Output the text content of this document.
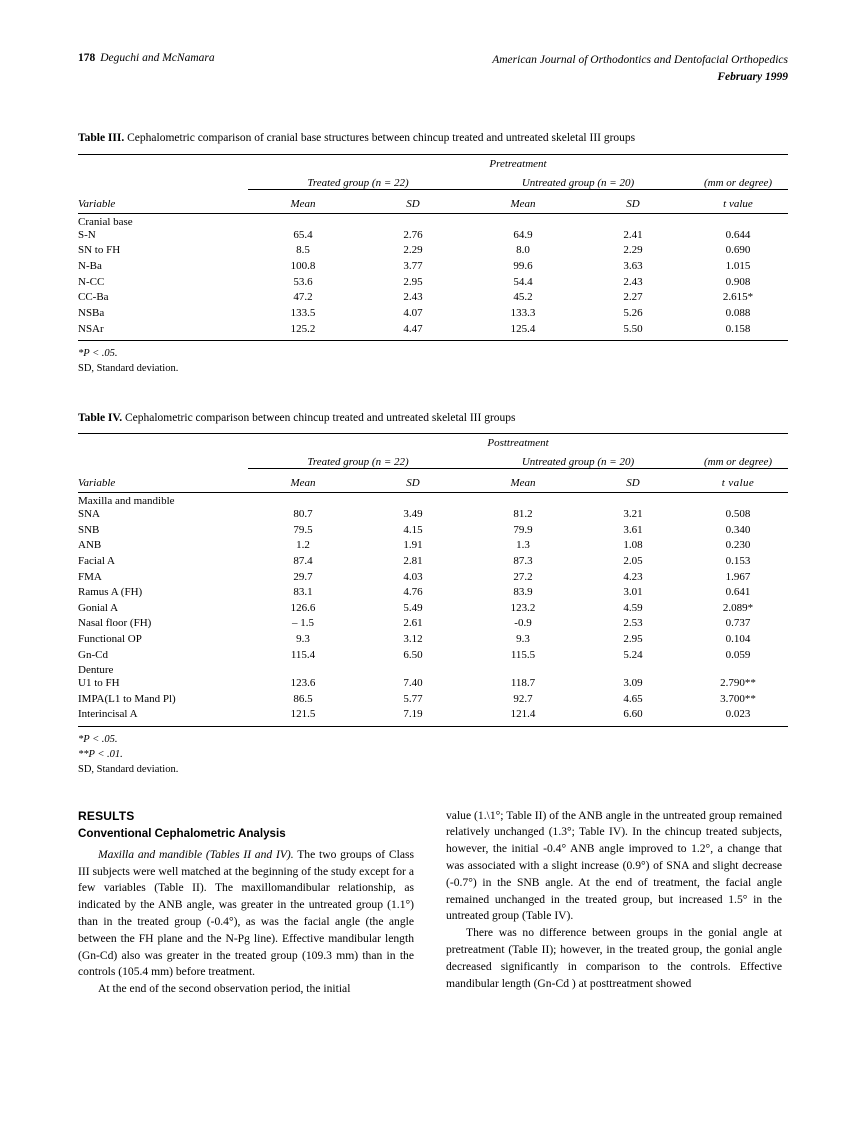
178 Deguchi and McNamara	American Journal of Orthodontics and Dentofacial Orthopedics
February 1999
Table III. Cephalometric comparison of cranial base structures between chincup treated and untreated skeletal III groups
	Pretreatment				
	Treated group (n = 22)		Untreated group (n = 20)		(mm or degree)
Variable	Mean	SD	Mean	SD	t value
Cranial base					
S-N	65.4	2.76	64.9	2.41	0.644
SN to FH	8.5	2.29	8.0	2.29	0.690
N-Ba	100.8	3.77	99.6	3.63	1.015
N-CC	53.6	2.95	54.4	2.43	0.908
CC-Ba	47.2	2.43	45.2	2.27	2.615*
NSBa	133.5	4.07	133.3	5.26	0.088
NSAr	125.2	4.47	125.4	5.50	0.158
*P < .05.
SD, Standard deviation.
Table IV. Cephalometric comparison between chincup treated and untreated skeletal III groups
	Posttreatment				
	Treated group (n = 22)		Untreated group (n = 20)		(mm or degree)
Variable	Mean	SD	Mean	SD	t value
Maxilla and mandible					
SNA	80.7	3.49	81.2	3.21	0.508
SNB	79.5	4.15	79.9	3.61	0.340
ANB	1.2	1.91	1.3	1.08	0.230
Facial A	87.4	2.81	87.3	2.05	0.153
FMA	29.7	4.03	27.2	4.23	1.967
Ramus A (FH)	83.1	4.76	83.9	3.01	0.641
Gonial A	126.6	5.49	123.2	4.59	2.089*
Nasal floor (FH)	– 1.5	2.61	-0.9	2.53	0.737
Functional OP	9.3	3.12	9.3	2.95	0.104
Gn-Cd	115.4	6.50	115.5	5.24	0.059
Denture					
U1 to FH	123.6	7.40	118.7	3.09	2.790**
IMPA(L1 to Mand Pl)	86.5	5.77	92.7	4.65	3.700**
Interincisal A	121.5	7.19	121.4	6.60	0.023
*P < .05.
**P < .01.
SD, Standard deviation.
RESULTS
Conventional Cephalometric Analysis

Maxilla and mandible (Tables II and IV). The two groups of Class III subjects were well matched at the beginning of the study except for a few variables (Table II). The maxillomandibular relationship, as indicated by the ANB angle, was greater in the untreated group (1.1°) than in the treated group (-0.4°), as was the facial angle (the angle between the FH plane and the N-Pg line). Effective mandibular length (Gn-Cd) also was greater in the treated group (109.3 mm) than in the controls (105.4 mm) before treatment.

At the end of the second observation period, the initial

value (1.\1°; Table II) of the ANB angle in the untreated group remained relatively unchanged (1.3°; Table IV). In the chincup treated subjects, however, the initial -0.4° ANB angle improved to 1.2°, a change that was associated with a slight increase (0.9°) of SNA and slight decrease (-0.7°) in the SNB angle. At the end of treatment, the facial angle remained unchanged in the treated group, but increased 1.5° in the untreated group (Table IV).

There was no difference between groups in the gonial angle at pretreatment (Table II); however, in the treated group, the gonial angle decreased significantly in comparison to the controls. Effective mandibular length (Gn-Cd ) at posttreatment showed
